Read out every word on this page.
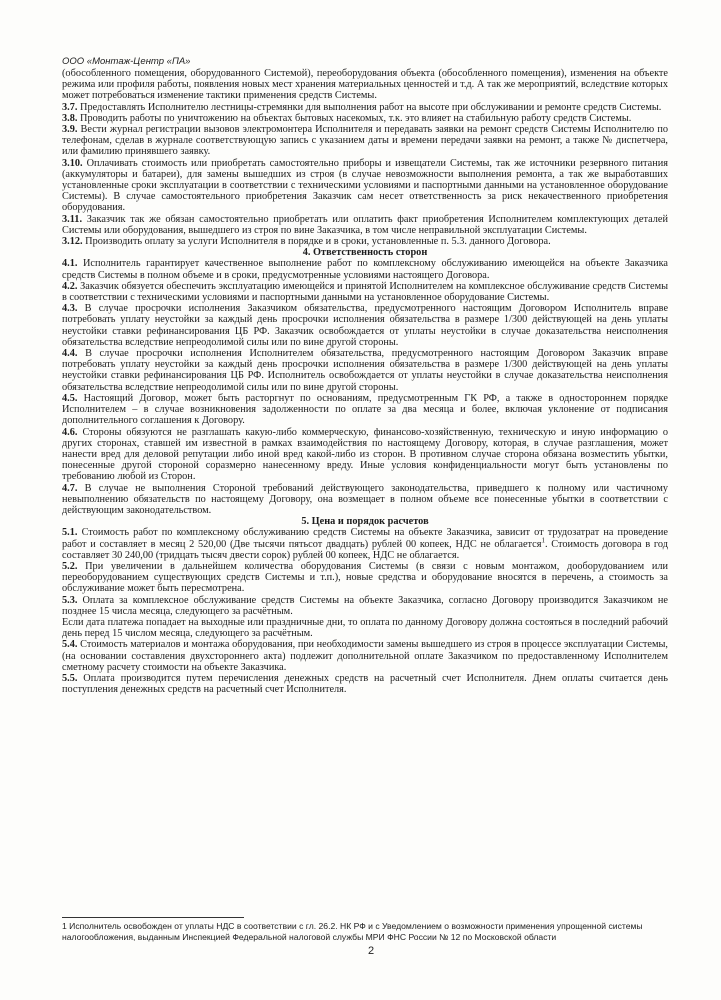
ООО «Монтаж-Центр «ПА»

(обособленного помещения, оборудованного Системой), переоборудования объекта (обособленного помещения), изменения на объекте режима или профиля работы, появления новых мест хранения материальных ценностей и т.д. А так же мероприятий, вследствие которых может потребоваться изменение тактики применения средств Системы.

3.7. Предоставлять Исполнителю лестницы-стремянки для выполнения работ на высоте при обслуживании и ремонте средств Системы.

3.8. Проводить работы по уничтожению на объектах бытовых насекомых, т.к. это влияет на стабильную работу средств Системы.

3.9. Вести журнал регистрации вызовов электромонтера Исполнителя и передавать заявки на ремонт средств Системы Исполнителю по телефонам, сделав в журнале соответствующую запись с указанием даты и времени передачи заявки на ремонт, а также № диспетчера, или фамилию принявшего заявку.

3.10. Оплачивать стоимость или приобретать самостоятельно приборы и извещатели Системы, так же источники резервного питания (аккумуляторы и батареи), для замены вышедших из строя (в случае невозможности выполнения ремонта, а так же выработавших установленные сроки эксплуатации в соответствии с техническими условиями и паспортными данными на установленное оборудование Системы). В случае самостоятельного приобретения Заказчик сам несет ответственность за риск некачественного приобретения оборудования.

3.11. Заказчик так же обязан самостоятельно приобретать или оплатить факт приобретения Исполнителем комплектующих деталей Системы или оборудования, вышедшего из строя по вине Заказчика, в том числе неправильной эксплуатации Системы.

3.12. Производить оплату за услуги Исполнителя в порядке и в сроки, установленные п. 5.3. данного Договора.

4. Ответственность сторон

4.1. Исполнитель гарантирует качественное выполнение работ по комплексному обслуживанию имеющейся на объекте Заказчика средств Системы в полном объеме и в сроки, предусмотренные условиями настоящего Договора.

4.2. Заказчик обязуется обеспечить эксплуатацию имеющейся и принятой Исполнителем на комплексное обслуживание средств Системы в соответствии с техническими условиями и паспортными данными на установленное оборудование Системы.

4.3. В случае просрочки исполнения Заказчиком обязательства, предусмотренного настоящим Договором Исполнитель вправе потребовать уплату неустойки за каждый день просрочки исполнения обязательства в размере 1/300 действующей на день уплаты неустойки ставки рефинансирования ЦБ РФ. Заказчик освобождается от уплаты неустойки в случае доказательства неисполнения обязательства вследствие непреодолимой силы или по вине другой стороны.

4.4. В случае просрочки исполнения Исполнителем обязательства, предусмотренного настоящим Договором Заказчик вправе потребовать уплату неустойки за каждый день просрочки исполнения обязательства в размере 1/300 действующей на день уплаты неустойки ставки рефинансирования ЦБ РФ. Исполнитель освобождается от уплаты неустойки в случае доказательства неисполнения обязательства вследствие непреодолимой силы или по вине другой стороны.

4.5. Настоящий Договор, может быть расторгнут по основаниям, предусмотренным ГК РФ, а также в одностороннем порядке Исполнителем – в случае возникновения задолженности по оплате за два месяца и более, включая уклонение от подписания дополнительного соглашения к Договору.

4.6. Стороны обязуются не разглашать какую-либо коммерческую, финансово-хозяйственную, техническую и иную информацию о других сторонах, ставшей им известной в рамках взаимодействия по настоящему Договору, которая, в случае разглашения, может нанести вред для деловой репутации либо иной вред какой-либо из сторон. В противном случае сторона обязана возместить убытки, понесенные другой стороной соразмерно нанесенному вреду. Иные условия конфиденциальности могут быть установлены по требованию любой из Сторон.

4.7. В случае не выполнения Стороной требований действующего законодательства, приведшего к полному или частичному невыполнению обязательств по настоящему Договору, она возмещает в полном объеме все понесенные убытки в соответствии с действующим законодательством.

5. Цена и порядок расчетов

5.1. Стоимость работ по комплексному обслуживанию средств Системы на объекте Заказчика, зависит от трудозатрат на проведение работ и составляет в месяц 2 520,00 (Две тысячи пятьсот двадцать) рублей 00 копеек, НДС не облагается$^1$. Стоимость договора в год составляет 30 240,00 (тридцать тысяч двести сорок) рублей 00 копеек, НДС не облагается.

5.2. При увеличении в дальнейшем количества оборудования Системы (в связи с новым монтажом, дооборудованием или переоборудованием существующих средств Системы и т.п.), новые средства и оборудование вносятся в перечень, а стоимость за обслуживание может быть пересмотрена.

5.3. Оплата за комплексное обслуживание средств Системы на объекте Заказчика, согласно Договору производится Заказчиком не позднее 15 числа месяца, следующего за расчётным.

Если дата платежа попадает на выходные или праздничные дни, то оплата по данному Договору должна состояться в последний рабочий день перед 15 числом месяца, следующего за расчётным.

5.4. Стоимость материалов и монтажа оборудования, при необходимости замены вышедшего из строя в процессе эксплуатации Системы, (на основании составления двухстороннего акта) подлежит дополнительной оплате Заказчиком по предоставленному Исполнителем сметному расчету стоимости на объекте Заказчика.

5.5. Оплата производится путем перечисления денежных средств на расчетный счет Исполнителя. Днем оплаты считается день поступления денежных средств на расчетный счет Исполнителя.

1 Исполнитель освобожден от уплаты НДС в соответствии с гл. 26.2. НК РФ и с Уведомлением о возможности применения упрощенной системы налогообложения, выданным Инспекцией Федеральной налоговой службы МРИ ФНС России № 12 по Московской области
2
